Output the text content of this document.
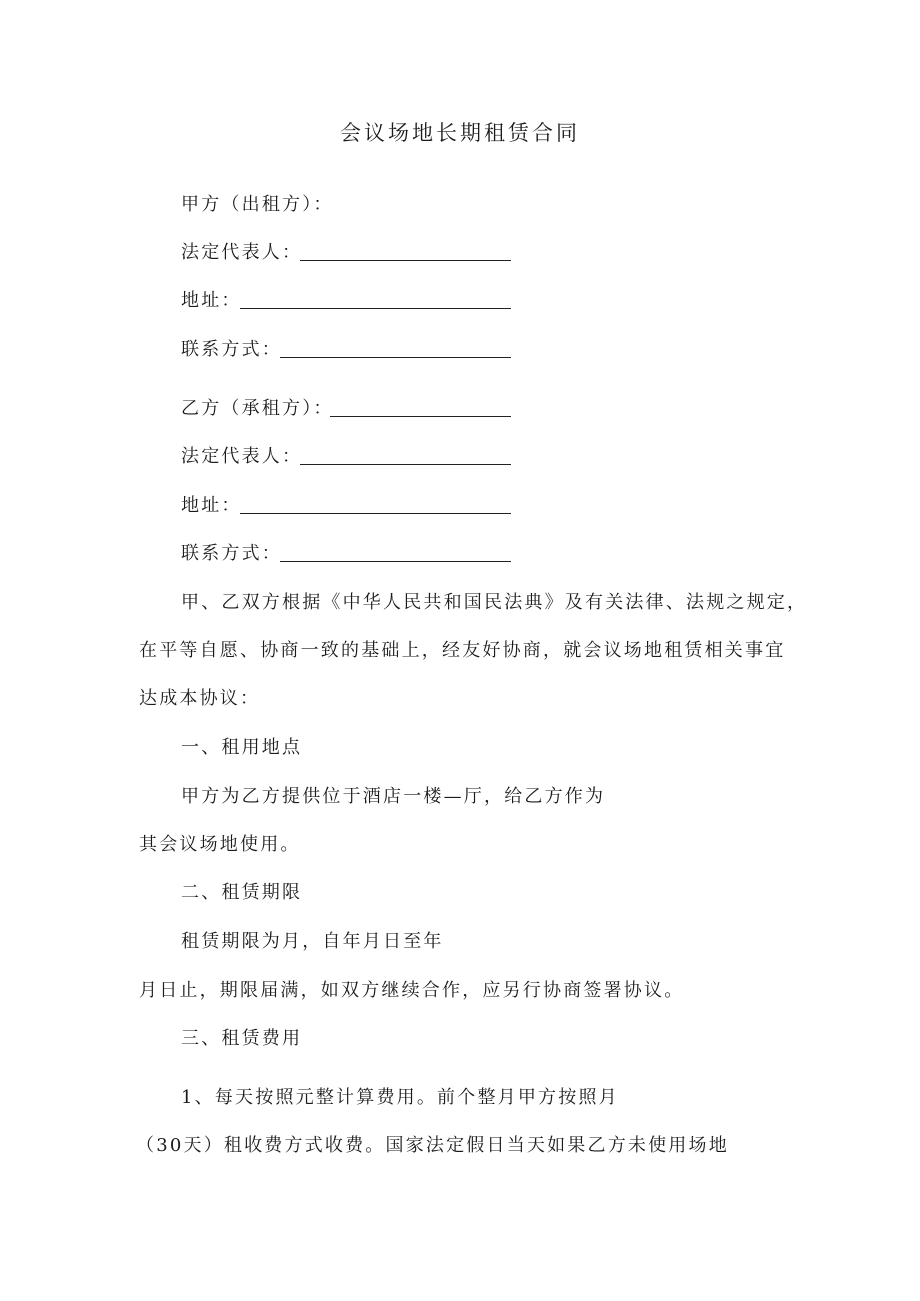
会议场地长期租赁合同
甲方（出租方）：
法定代表人：
地址：
联系方式：
乙方（承租方）：
法定代表人：
地址：
联系方式：
甲、乙双方根据《中华人民共和国民法典》及有关法律、法规之规定，
在平等自愿、协商一致的基础上，经友好协商，就会议场地租赁相关事宜
达成本协议：
一、租用地点
甲方为乙方提供位于酒店一楼—厅，给乙方作为
其会议场地使用。
二、租赁期限
租赁期限为月，自年月日至年
月日止，期限届满，如双方继续合作，应另行协商签署协议。
三、租赁费用
1、每天按照元整计算费用。前个整月甲方按照月
（30天）租收费方式收费。国家法定假日当天如果乙方未使用场地
